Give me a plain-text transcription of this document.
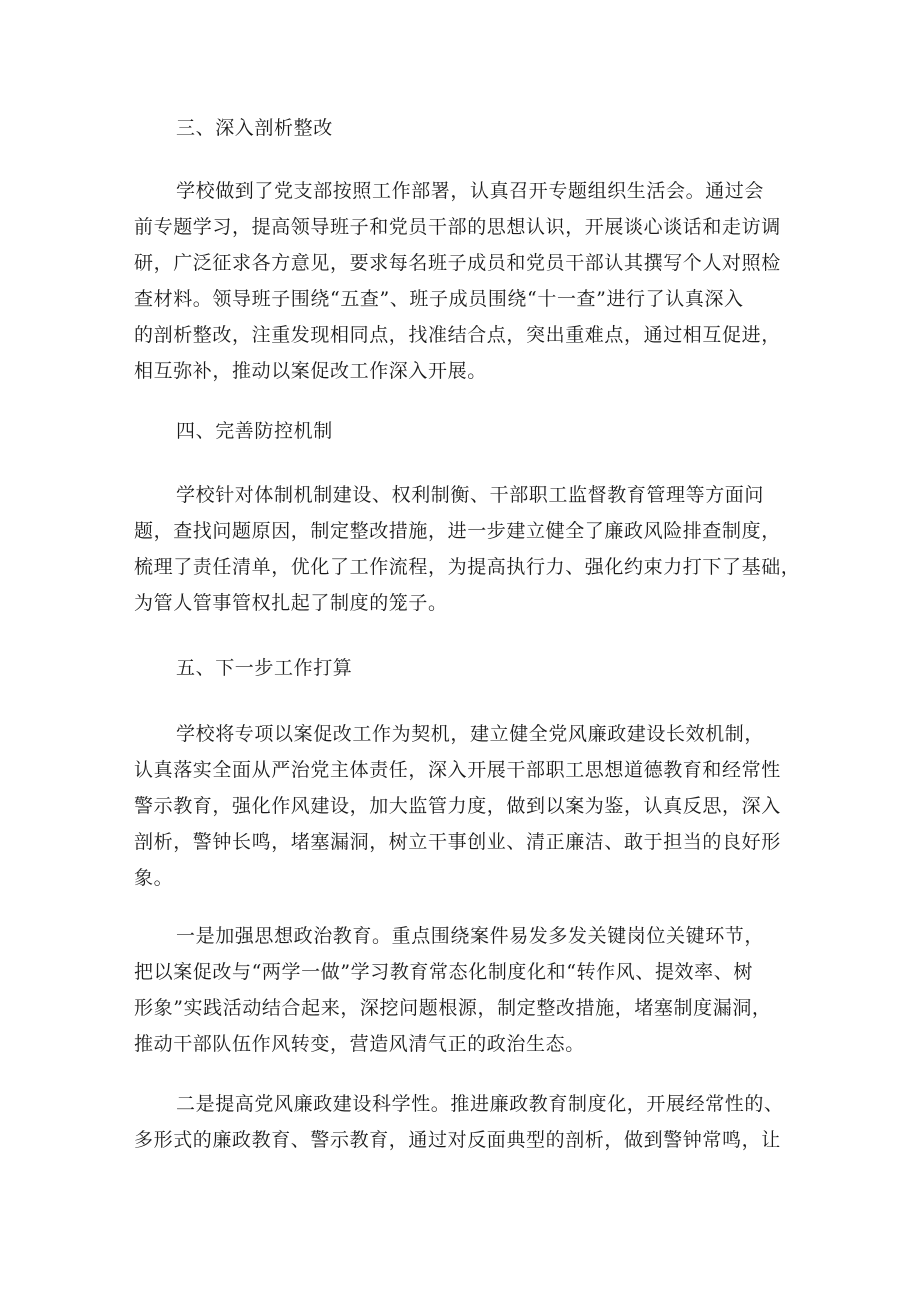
三、深入剖析整改
学校做到了党支部按照工作部署，认真召开专题组织生活会。通过会
前专题学习，提高领导班子和党员干部的思想认识，开展谈心谈话和走访调
研，广泛征求各方意见，要求每名班子成员和党员干部认其撰写个人对照检
查材料。领导班子围绕“五查”、班子成员围绕“十一查”进行了认真深入
的剖析整改，注重发现相同点，找准结合点，突出重难点，通过相互促进，
相互弥补，推动以案促改工作深入开展。
四、完善防控机制
学校针对体制机制建设、权利制衡、干部职工监督教育管理等方面问
题，查找问题原因，制定整改措施，进一步建立健全了廉政风险排查制度，
梳理了责任清单，优化了工作流程，为提高执行力、强化约束力打下了基础，
为管人管事管权扎起了制度的笼子。
五、下一步工作打算
学校将专项以案促改工作为契机，建立健全党风廉政建设长效机制，
认真落实全面从严治党主体责任，深入开展干部职工思想道德教育和经常性
警示教育，强化作风建设，加大监管力度，做到以案为鉴，认真反思，深入
剖析，警钟长鸣，堵塞漏洞，树立干事创业、清正廉洁、敢于担当的良好形
象。
一是加强思想政治教育。重点围绕案件易发多发关键岗位关键环节，
把以案促改与“两学一做”学习教育常态化制度化和“转作风、提效率、树
形象”实践活动结合起来，深挖问题根源，制定整改措施，堵塞制度漏洞，
推动干部队伍作风转变，营造风清气正的政治生态。
二是提高党风廉政建设科学性。推进廉政教育制度化，开展经常性的、
多形式的廉政教育、警示教育，通过对反面典型的剖析，做到警钟常鸣，让
